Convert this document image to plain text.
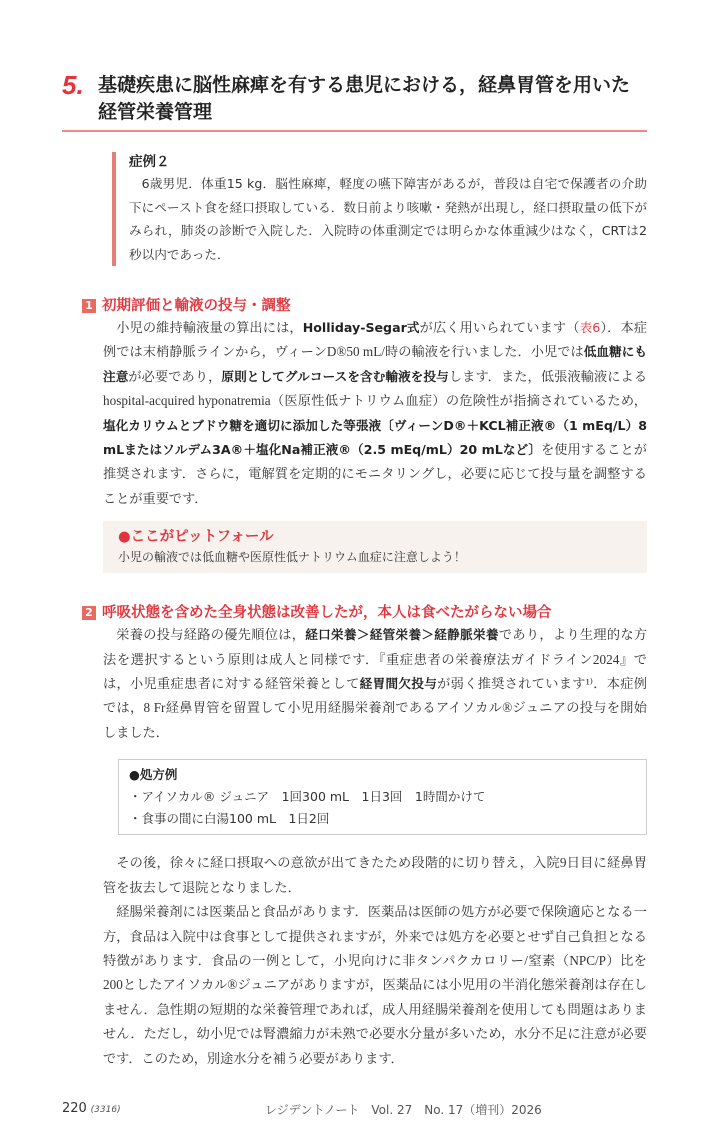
5. 基礎疾患に脳性麻痺を有する患児における，経鼻胃管を用いた経管栄養管理
症例２
6歳男児．体重15 kg．脳性麻痺，軽度の嚥下障害があるが，普段は自宅で保護者の介助下にペースト食を経口摂取している．数日前より咳嗽・発熱が出現し，経口摂取量の低下がみられ，肺炎の診断で入院した．入院時の体重測定では明らかな体重減少はなく，CRTは2秒以内であった．
1 初期評価と輸液の投与・調整
小児の維持輸液量の算出には，Holliday-Segar式が広く用いられています（表6）．本症例では末梢静脈ラインから，ヴィーンD®50 mL/時の輸液を行いました．小児では低血糖にも注意が必要であり，原則としてグルコースを含む輸液を投与します．また，低張液輸液による hospital-acquired hyponatremia（医原性低ナトリウム血症）の危険性が指摘されているため，塩化カリウムとブドウ糖を適切に添加した等張液〔ヴィーンD®＋KCL補正液®（1 mEq/L）8 mLまたはソルデム3A®＋塩化Na補正液®（2.5 mEq/mL）20 mLなど〕を使用することが推奨されます．さらに，電解質を定期的にモニタリングし，必要に応じて投与量を調整することが重要です．
●ここがピットフォール
小児の輸液では低血糖や医原性低ナトリウム血症に注意しよう！
2 呼吸状態を含めた全身状態は改善したが，本人は食べたがらない場合
栄養の投与経路の優先順位は，経口栄養＞経管栄養＞経静脈栄養であり，より生理的な方法を選択するという原則は成人と同様です．『重症患者の栄養療法ガイドライン2024』では，小児重症患者に対する経管栄養として経胃間欠投与が弱く推奨されています¹⁾．本症例では，8 Fr経鼻胃管を留置して小児用経腸栄養剤であるアイソカル®ジュニアの投与を開始しました．
●処方例
・アイソカル® ジュニア　1回300 mL　1日3回　1時間かけて
・食事の間に白湯100 mL　1日2回
その後，徐々に経口摂取への意欲が出てきたため段階的に切り替え，入院9日目に経鼻胃管を抜去して退院となりました．
経腸栄養剤には医薬品と食品があります．医薬品は医師の処方が必要で保険適応となる一方，食品は入院中は食事として提供されますが，外来では処方を必要とせず自己負担となる特徴があります．食品の一例として，小児向けに非タンパクカロリー/窒素（NPC/P）比を200としたアイソカル®ジュニアがありますが，医薬品には小児用の半消化態栄養剤は存在しません．急性期の短期的な栄養管理であれば，成人用経腸栄養剤を使用しても問題はありません．ただし，幼小児では腎濃縮力が未熟で必要水分量が多いため，水分不足に注意が必要です．このため，別途水分を補う必要があります．
220 (3316)	レジデントノート　Vol. 27　No. 17（増刊）2026
